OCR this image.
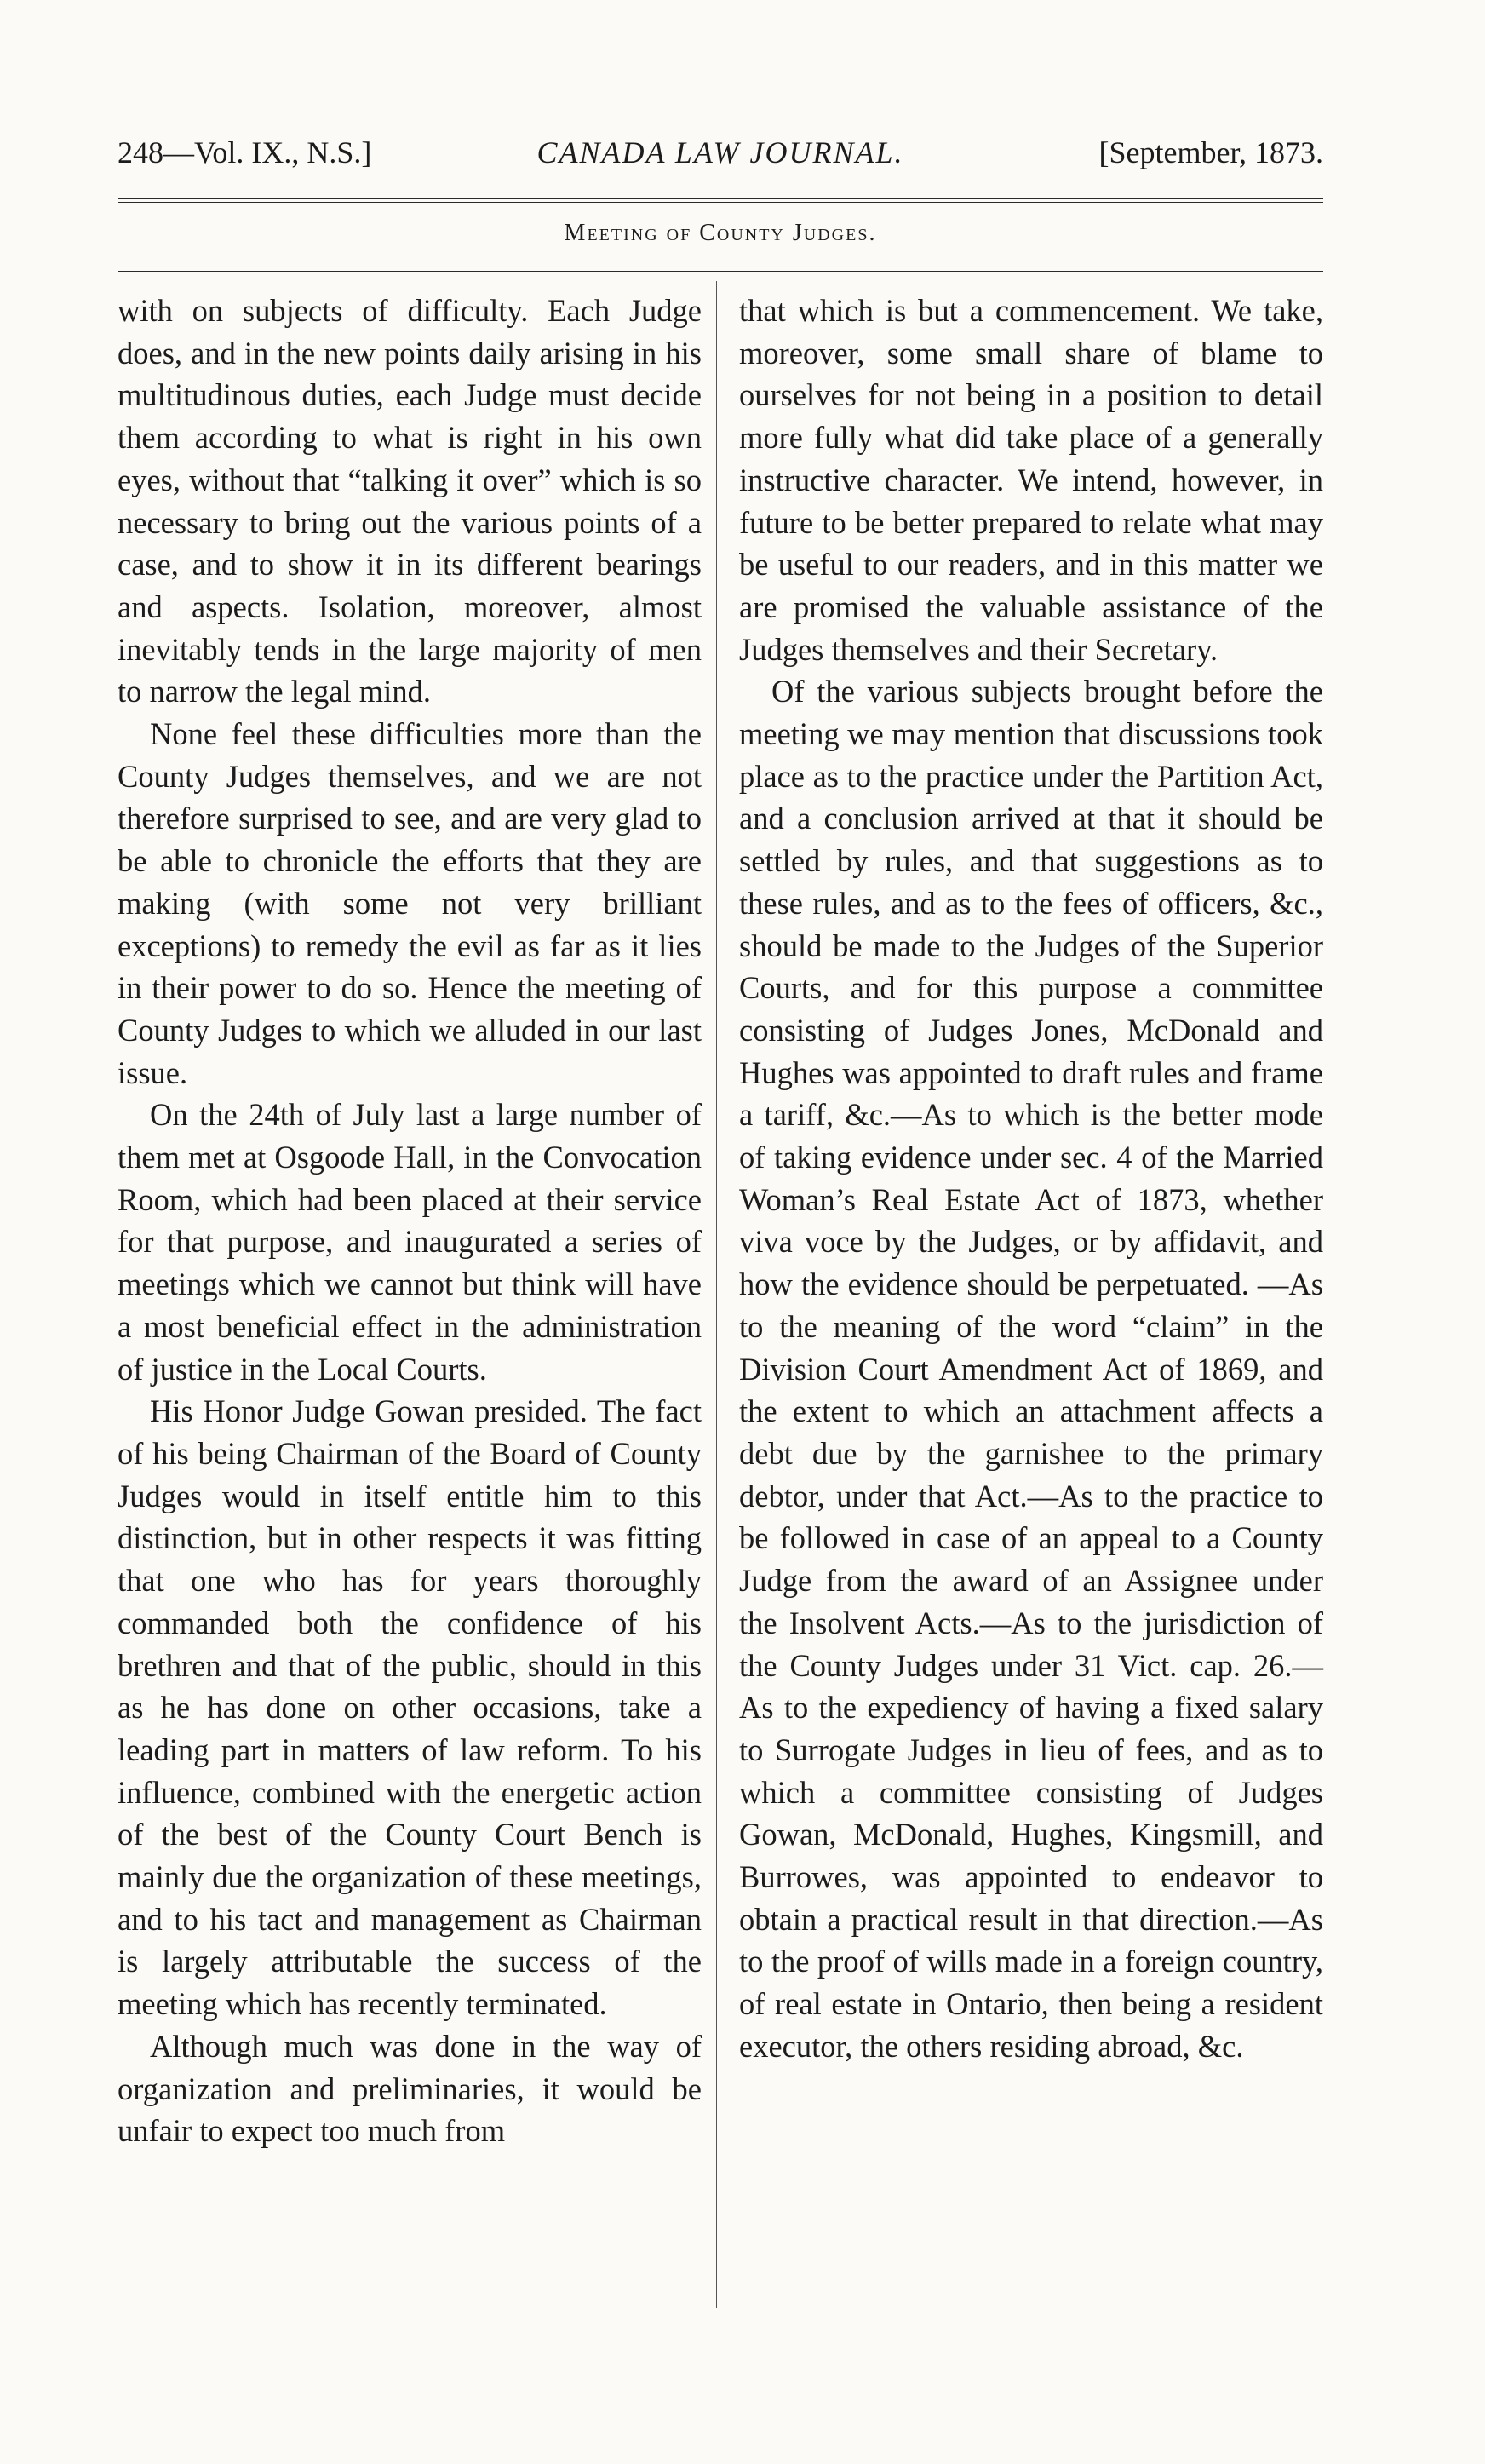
248—Vol. IX., N.S.]	CANADA LAW JOURNAL.	[September, 1873.
Meeting of County Judges.

with on subjects of difficulty. Each Judge does, and in the new points daily arising in his multitudinous duties, each Judge must decide them according to what is right in his own eyes, without that “talking it over” which is so necessary to bring out the various points of a case, and to show it in its different bearings and aspects. Isolation, moreover, almost inevitably tends in the large majority of men to narrow the legal mind.

None feel these difficulties more than the County Judges themselves, and we are not therefore surprised to see, and are very glad to be able to chronicle the efforts that they are making (with some not very brilliant exceptions) to remedy the evil as far as it lies in their power to do so. Hence the meeting of County Judges to which we alluded in our last issue.

On the 24th of July last a large number of them met at Osgoode Hall, in the Convocation Room, which had been placed at their service for that purpose, and inaugurated a series of meetings which we cannot but think will have a most beneficial effect in the administration of justice in the Local Courts.

His Honor Judge Gowan presided. The fact of his being Chairman of the Board of County Judges would in itself entitle him to this distinction, but in other respects it was fitting that one who has for years thoroughly commanded both the confidence of his brethren and that of the public, should in this as he has done on other occasions, take a leading part in matters of law reform. To his influence, combined with the energetic action of the best of the County Court Bench is mainly due the organization of these meetings, and to his tact and management as Chairman is largely attributable the success of the meeting which has recently terminated.

Although much was done in the way of organization and preliminaries, it would be unfair to expect too much from

that which is but a commencement. We take, moreover, some small share of blame to ourselves for not being in a position to detail more fully what did take place of a generally instructive character. We intend, however, in future to be better prepared to relate what may be useful to our readers, and in this matter we are promised the valuable assistance of the Judges themselves and their Secretary.

Of the various subjects brought before the meeting we may mention that discussions took place as to the practice under the Partition Act, and a conclusion arrived at that it should be settled by rules, and that suggestions as to these rules, and as to the fees of officers, &c., should be made to the Judges of the Superior Courts, and for this purpose a committee consisting of Judges Jones, McDonald and Hughes was appointed to draft rules and frame a tariff, &c.—As to which is the better mode of taking evidence under sec. 4 of the Married Woman’s Real Estate Act of 1873, whether viva voce by the Judges, or by affidavit, and how the evidence should be perpetuated. —As to the meaning of the word “claim” in the Division Court Amendment Act of 1869, and the extent to which an attachment affects a debt due by the garnishee to the primary debtor, under that Act.—As to the practice to be followed in case of an appeal to a County Judge from the award of an Assignee under the Insolvent Acts.—As to the jurisdiction of the County Judges under 31 Vict. cap. 26.—As to the expediency of having a fixed salary to Surrogate Judges in lieu of fees, and as to which a committee consisting of Judges Gowan, McDonald, Hughes, Kingsmill, and Burrowes, was appointed to endeavor to obtain a practical result in that direction.—As to the proof of wills made in a foreign country, of real estate in Ontario, then being a resident executor, the others residing abroad, &c.
